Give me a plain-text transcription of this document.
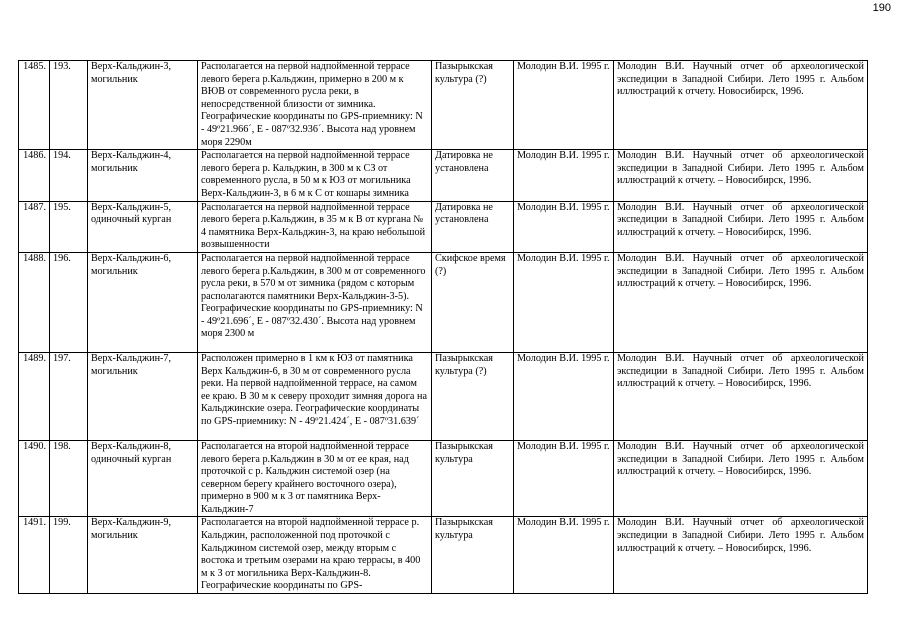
190
1485.	193.	Верх-Кальджин-3, могильник	Располагается на первой надпойменной террасе левого берега р.Кальджин, примерно в 200 м к ВЮВ от современного русла реки, в непосредственной близости от зимника. Географические координаты по GPS-приемнику: N - 49º21.966´, E - 087º32.936´. Высота над уровнем моря 2290м	Пазырыкская культура (?)	Молодин В.И. 1995 г.	Молодин В.И. Научный отчет об археологической экспедиции в Западной Сибири. Лето 1995 г. Альбом иллюстраций к отчету. Новосибирск, 1996.
1486.	194.	Верх-Кальджин-4, могильник	Располагается на первой надпойменной террасе левого берега р. Кальджин, в 300 м к СЗ от современного русла, в 50 м к ЮЗ от могильника Верх-Кальджин-3, в 6 м к С от кошары зимника	Датировка не установлена	Молодин В.И. 1995 г.	Молодин В.И. Научный отчет об археологической экспедиции в Западной Сибири. Лето 1995 г. Альбом иллюстраций к отчету. – Новосибирск, 1996.
1487.	195.	Верх-Кальджин-5, одиночный курган	Располагается на первой надпойменной террасе левого берега р.Кальджин, в 35 м к В от кургана № 4 памятника Верх-Кальджин-3, на краю небольшой возвышенности	Датировка не установлена	Молодин В.И. 1995 г.	Молодин В.И. Научный отчет об археологической экспедиции в Западной Сибири. Лето 1995 г. Альбом иллюстраций к отчету. – Новосибирск, 1996.
1488.	196.	Верх-Кальджин-6, могильник	Располагается на первой надпойменной террасе левого берега р.Кальджин, в 300 м от современного русла реки, в 570 м от зимника (рядом с которым располагаются памятники Верх-Кальджин-3-5). Географические координаты по GPS-приемнику: N - 49º21.696´, E - 087º32.430´. Высота над уровнем моря 2300 м	Скифское время (?)	Молодин В.И. 1995 г.	Молодин В.И. Научный отчет об археологической экспедиции в Западной Сибири. Лето 1995 г. Альбом иллюстраций к отчету. – Новосибирск, 1996.
1489.	197.	Верх-Кальджин-7, могильник	Расположен примерно в 1 км к ЮЗ от памятника Верх Кальджин-6, в 30 м от современного русла реки. На первой надпойменной террасе, на самом ее краю. В 30 м к северу проходит зимняя дорога на Кальджинские озера. Географические координаты по GPS-приемнику: N - 49º21.424´, E - 087º31.639´	Пазырыкская культура (?)	Молодин В.И. 1995 г.	Молодин В.И. Научный отчет об археологической экспедиции в Западной Сибири. Лето 1995 г. Альбом иллюстраций к отчету. – Новосибирск, 1996.
1490.	198.	Верх-Кальджин-8, одиночный курган	Располагается на второй надпойменной террасе левого берега р.Кальджин в 30 м от ее края, над проточкой с р. Кальджин системой озер (на северном берегу крайнего восточного озера), примерно в 900 м к З от памятника Верх-Кальджин-7	Пазырыкская культура	Молодин В.И. 1995 г.	Молодин В.И. Научный отчет об археологической экспедиции в Западной Сибири. Лето 1995 г. Альбом иллюстраций к отчету. – Новосибирск, 1996.
1491.	199.	Верх-Кальджин-9, могильник	Располагается на второй надпойменной террасе р. Кальджин, расположенной под проточкой с Кальджином системой озер, между вторым с востока и третьим озерами на краю террасы, в 400 м к З от могильника Верх-Кальджин-8. Географические координаты по GPS-	Пазырыкская культура	Молодин В.И. 1995 г.	Молодин В.И. Научный отчет об археологической экспедиции в Западной Сибири. Лето 1995 г. Альбом иллюстраций к отчету. – Новосибирск, 1996.
